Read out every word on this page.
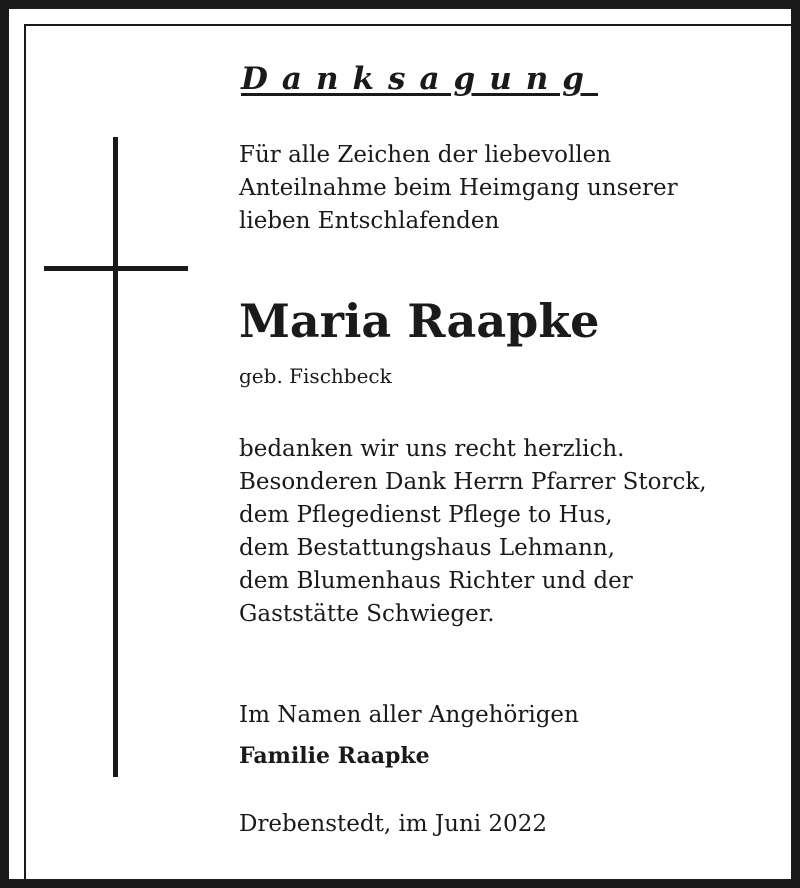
Danksagung

Für alle Zeichen der liebevollen
Anteilnahme beim Heimgang unserer
lieben Entschlafenden

Maria Raapke

geb. Fischbeck

bedanken wir uns recht herzlich.
Besonderen Dank Herrn Pfarrer Storck,
dem Pflegedienst Pflege to Hus,
dem Bestattungshaus Lehmann,
dem Blumenhaus Richter und der
Gaststätte Schwieger.

Im Namen aller Angehörigen

Familie Raapke

Drebenstedt, im Juni 2022
